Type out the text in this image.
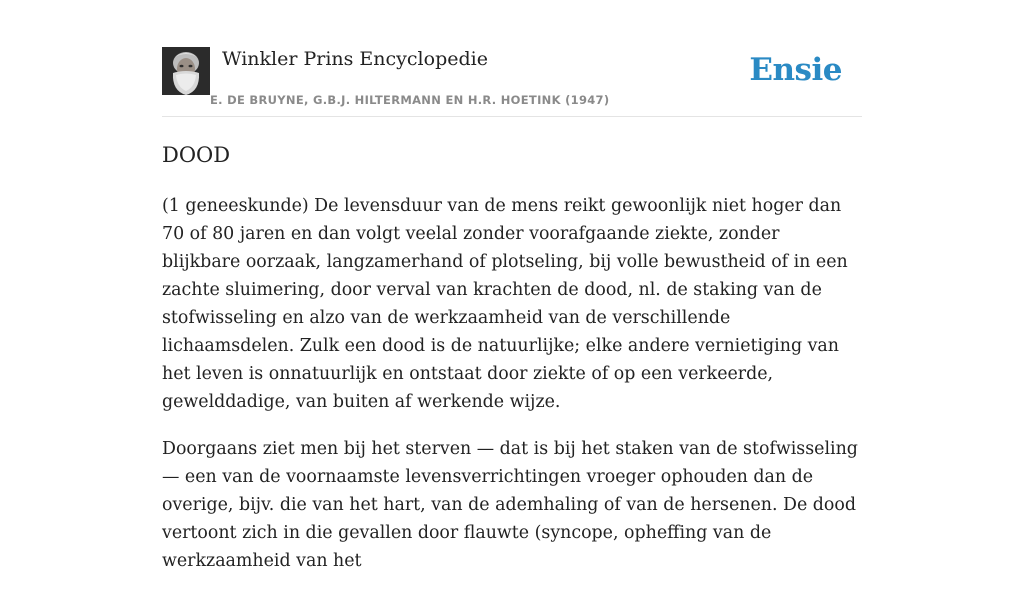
Winkler Prins Encyclopedie
E. DE BRUYNE, G.B.J. HILTERMANN EN H.R. HOETINK (1947)
Ensie
DOOD

(1 geneeskunde) De levensduur van de mens reikt gewoonlijk niet hoger dan 70 of 80 jaren en dan volgt veelal zonder voorafgaande ziekte, zonder blijkbare oorzaak, langzamerhand of plotseling, bij volle bewustheid of in een zachte sluimering, door verval van krachten de dood, nl. de staking van de stofwisseling en alzo van de werkzaamheid van de verschillende lichaamsdelen. Zulk een dood is de natuurlijke; elke andere vernietiging van het leven is onnatuurlijk en ontstaat door ziekte of op een verkeerde, gewelddadige, van buiten af werkende wijze.

Doorgaans ziet men bij het sterven — dat is bij het staken van de stofwisseling — een van de voornaamste levensverrichtingen vroeger ophouden dan de overige, bijv. die van het hart, van de ademhaling of van de hersenen. De dood vertoont zich in die gevallen door flauwte (syncope, opheffing van de werkzaamheid van het
